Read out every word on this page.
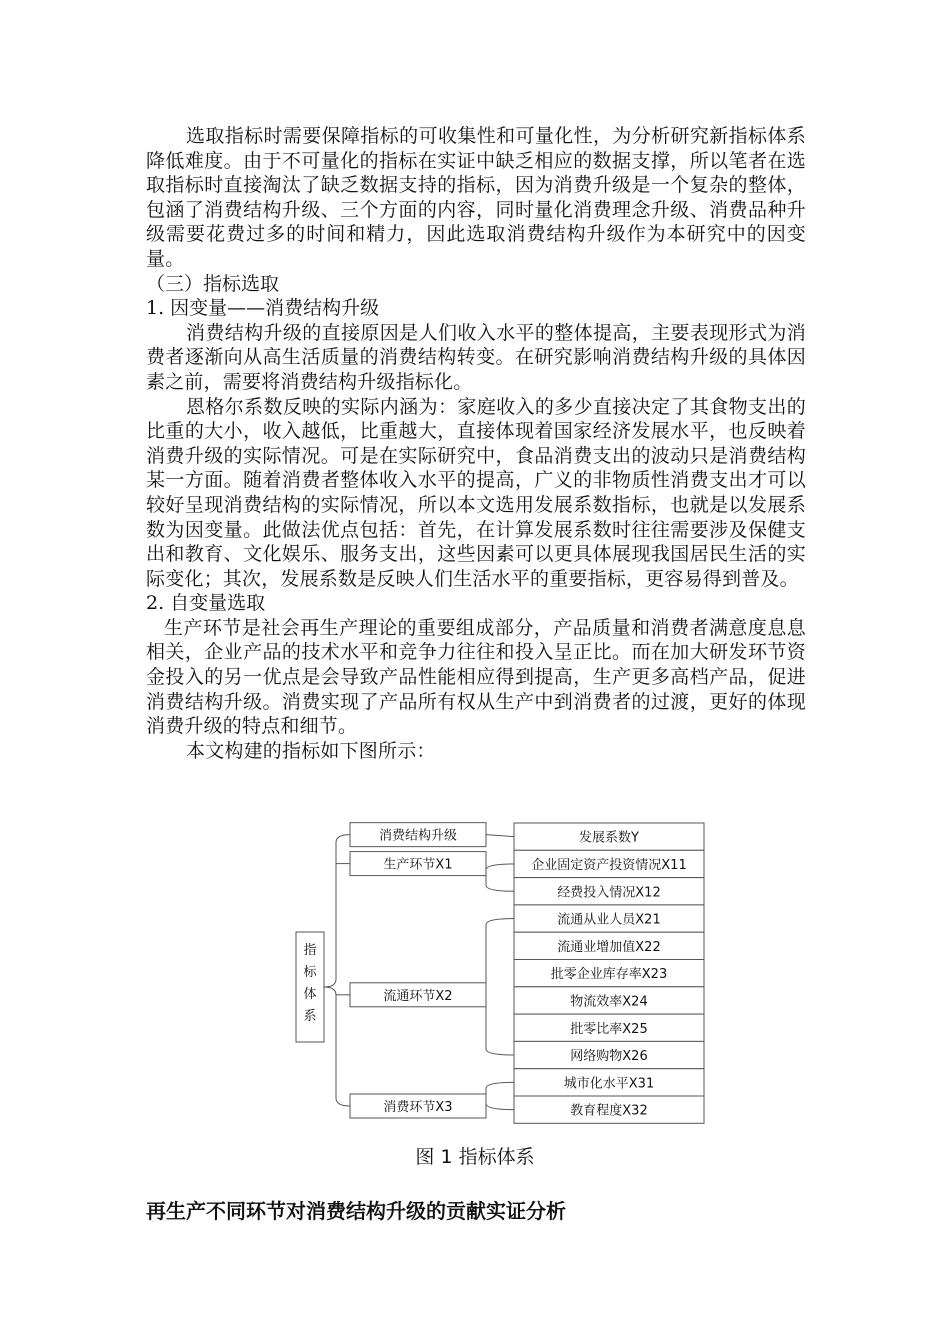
选取指标时需要保障指标的可收集性和可量化性，为分析研究新指标体系降低难度。由于不可量化的指标在实证中缺乏相应的数据支撑，所以笔者在选取指标时直接淘汰了缺乏数据支持的指标，因为消费升级是一个复杂的整体，包涵了消费结构升级、三个方面的内容，同时量化消费理念升级、消费品种升级需要花费过多的时间和精力，因此选取消费结构升级作为本研究中的因变量。

（三）指标选取

1. 因变量——消费结构升级

消费结构升级的直接原因是人们收入水平的整体提高，主要表现形式为消费者逐渐向从高生活质量的消费结构转变。在研究影响消费结构升级的具体因素之前，需要将消费结构升级指标化。

恩格尔系数反映的实际内涵为：家庭收入的多少直接决定了其食物支出的比重的大小，收入越低，比重越大，直接体现着国家经济发展水平，也反映着消费升级的实际情况。可是在实际研究中，食品消费支出的波动只是消费结构某一方面。随着消费者整体收入水平的提高，广义的非物质性消费支出才可以较好呈现消费结构的实际情况，所以本文选用发展系数指标，也就是以发展系数为因变量。此做法优点包括：首先，在计算发展系数时往往需要涉及保健支出和教育、文化娱乐、服务支出，这些因素可以更具体展现我国居民生活的实际变化；其次，发展系数是反映人们生活水平的重要指标，更容易得到普及。

2. 自变量选取

生产环节是社会再生产理论的重要组成部分，产品质量和消费者满意度息息相关，企业产品的技术水平和竞争力往往和投入呈正比。而在加大研发环节资金投入的另一优点是会导致产品性能相应得到提高，生产更多高档产品，促进消费结构升级。消费实现了产品所有权从生产中到消费者的过渡，更好的体现消费升级的特点和细节。

本文构建的指标如下图所示：

发展系数Y
企业固定资产投资情况X11
经费投入情况X12
流通从业人员X21
流通业增加值X22
批零企业库存率X23
物流效率X24
批零比率X25
网络购物X26
城市化水平X31
教育程度X32
消费结构升级
生产环节X1
流通环节X2
消费环节X3
指
标
体
系
图 1 指标体系
再生产不同环节对消费结构升级的贡献实证分析
